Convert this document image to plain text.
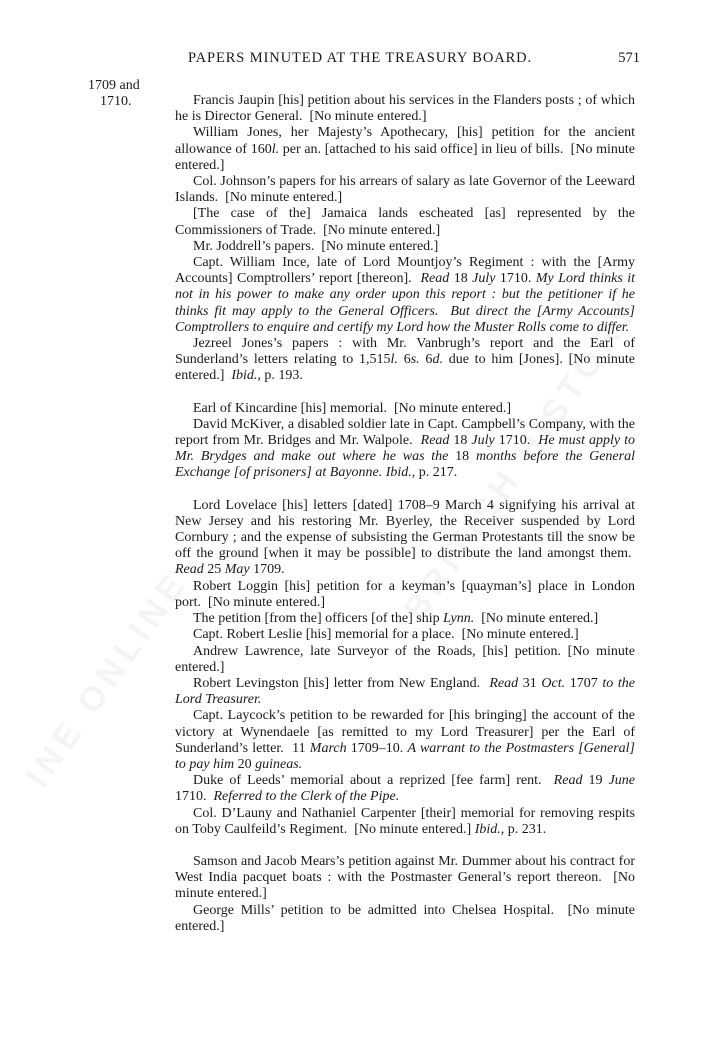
PAPERS MINUTED AT THE TREASURY BOARD.	571
1709 and
1710.	Francis Jaupin [his] petition about his services in the Flanders posts ; of which he is Director General.  [No minute entered.]

William Jones, her Majesty’s Apothecary, [his] petition for the ancient allowance of 160l. per an. [attached to his said office] in lieu of bills.  [No minute entered.]

Col. Johnson’s papers for his arrears of salary as late Governor of the Leeward Islands.  [No minute entered.]

[The case of the] Jamaica lands escheated [as] represented by the Commissioners of Trade.  [No minute entered.]

Mr. Joddrell’s papers.  [No minute entered.]

Capt. William Ince, late of Lord Mountjoy’s Regiment : with the [Army Accounts] Comptrollers’ report [thereon].  Read 18 July 1710. My Lord thinks it not in his power to make any order upon this report : but the petitioner if he thinks fit may apply to the General Officers.  But direct the [Army Accounts] Comptrollers to enquire and certify my Lord how the Muster Rolls come to differ.

Jezreel Jones’s papers : with Mr. Vanbrugh’s report and the Earl of Sunderland’s letters relating to 1,515l. 6s. 6d. due to him [Jones]. [No minute entered.]  Ibid., p. 193.

Earl of Kincardine [his] memorial.  [No minute entered.]

David McKiver, a disabled soldier late in Capt. Campbell’s Company, with the report from Mr. Bridges and Mr. Walpole.  Read 18 July 1710.  He must apply to Mr. Brydges and make out where he was the 18 months before the General Exchange [of prisoners] at Bayonne. Ibid., p. 217.

Lord Lovelace [his] letters [dated] 1708–9 March 4 signifying his arrival at New Jersey and his restoring Mr. Byerley, the Receiver suspended by Lord Cornbury ; and the expense of subsisting the German Protestants till the snow be off the ground [when it may be possible] to distribute the land amongst them.  Read 25 May 1709.

Robert Loggin [his] petition for a keyman’s [quayman’s] place in London port.  [No minute entered.]

The petition [from the] officers [of the] ship Lynn.  [No minute entered.]

Capt. Robert Leslie [his] memorial for a place.  [No minute entered.]

Andrew Lawrence, late Surveyor of the Roads, [his] petition. [No minute entered.]

Robert Levingston [his] letter from New England.  Read 31 Oct. 1707 to the Lord Treasurer.

Capt. Laycock’s petition to be rewarded for [his bringing] the account of the victory at Wynendaele [as remitted to my Lord Treasurer] per the Earl of Sunderland’s letter.  11 March 1709–10. A warrant to the Postmasters [General] to pay him 20 guineas.

Duke of Leeds’ memorial about a reprized [fee farm] rent.  Read 19 June 1710.  Referred to the Clerk of the Pipe.

Col. D’Launy and Nathaniel Carpenter [their] memorial for removing respits on Toby Caulfeild’s Regiment.  [No minute entered.] Ibid., p. 231.

Samson and Jacob Mears’s petition against Mr. Dummer about his contract for West India pacquet boats : with the Postmaster General’s report thereon.  [No minute entered.]

George Mills’ petition to be admitted into Chelsea Hospital.  [No minute entered.]
